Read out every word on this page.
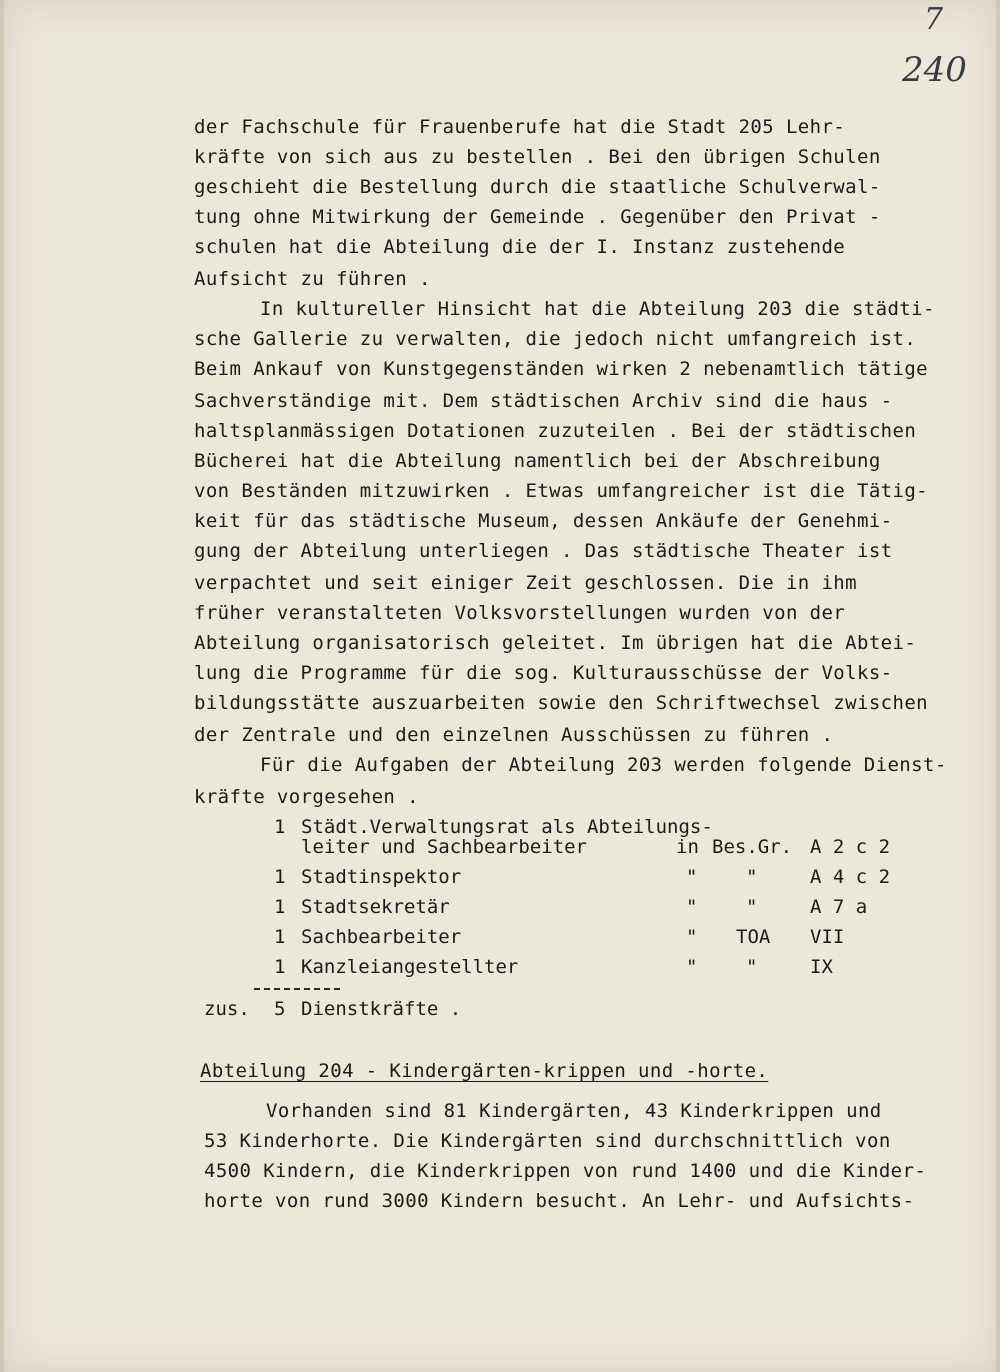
7
240
der Fachschule für Frauenberufe hat die Stadt 205 Lehr-
kräfte von sich aus zu bestellen . Bei den übrigen Schulen
geschieht die Bestellung durch die staatliche Schulverwal-
tung ohne Mitwirkung der Gemeinde . Gegenüber den Privat -
schulen hat die Abteilung die der I. Instanz zustehende
Aufsicht zu führen .
In kultureller Hinsicht hat die Abteilung 203 die städti-
sche Gallerie zu verwalten, die jedoch nicht umfangreich ist.
Beim Ankauf von Kunstgegenständen wirken 2 nebenamtlich tätige
Sachverständige mit. Dem städtischen Archiv sind die haus -
haltsplanmässigen Dotationen zuzuteilen . Bei der städtischen
Bücherei hat die Abteilung namentlich bei der Abschreibung
von Beständen mitzuwirken . Etwas umfangreicher ist die Tätig-
keit für das städtische Museum, dessen Ankäufe der Genehmi-
gung der Abteilung unterliegen . Das städtische Theater ist
verpachtet und seit einiger Zeit geschlossen. Die in ihm
früher veranstalteten Volksvorstellungen wurden von der
Abteilung organisatorisch geleitet. Im übrigen hat die Abtei-
lung die Programme für die sog. Kulturausschüsse der Volks-
bildungsstätte auszuarbeiten sowie den Schriftwechsel zwischen
der Zentrale und den einzelnen Ausschüssen zu führen .
Für die Aufgaben der Abteilung 203 werden folgende Dienst-
kräfte vorgesehen .
1 Städt.Verwaltungsrat als Abteilungs-
leiter und Sachbearbeiter	in Bes.Gr. A 2 c 2
1 Stadtinspektor	"	"	A 4 c 2
1 Stadtsekretär	"	"	A 7 a
1 Sachbearbeiter	" TOA VII
1 Kanzleiangestellter	"	"	IX
zus. 5 Dienstkräfte .
Abteilung 204 - Kindergärten-krippen und -horte.
Vorhanden sind 81 Kindergärten, 43 Kinderkrippen und
53 Kinderhorte. Die Kindergärten sind durchschnittlich von
4500 Kindern, die Kinderkrippen von rund 1400 und die Kinder-
horte von rund 3000 Kindern besucht. An Lehr- und Aufsichts-
